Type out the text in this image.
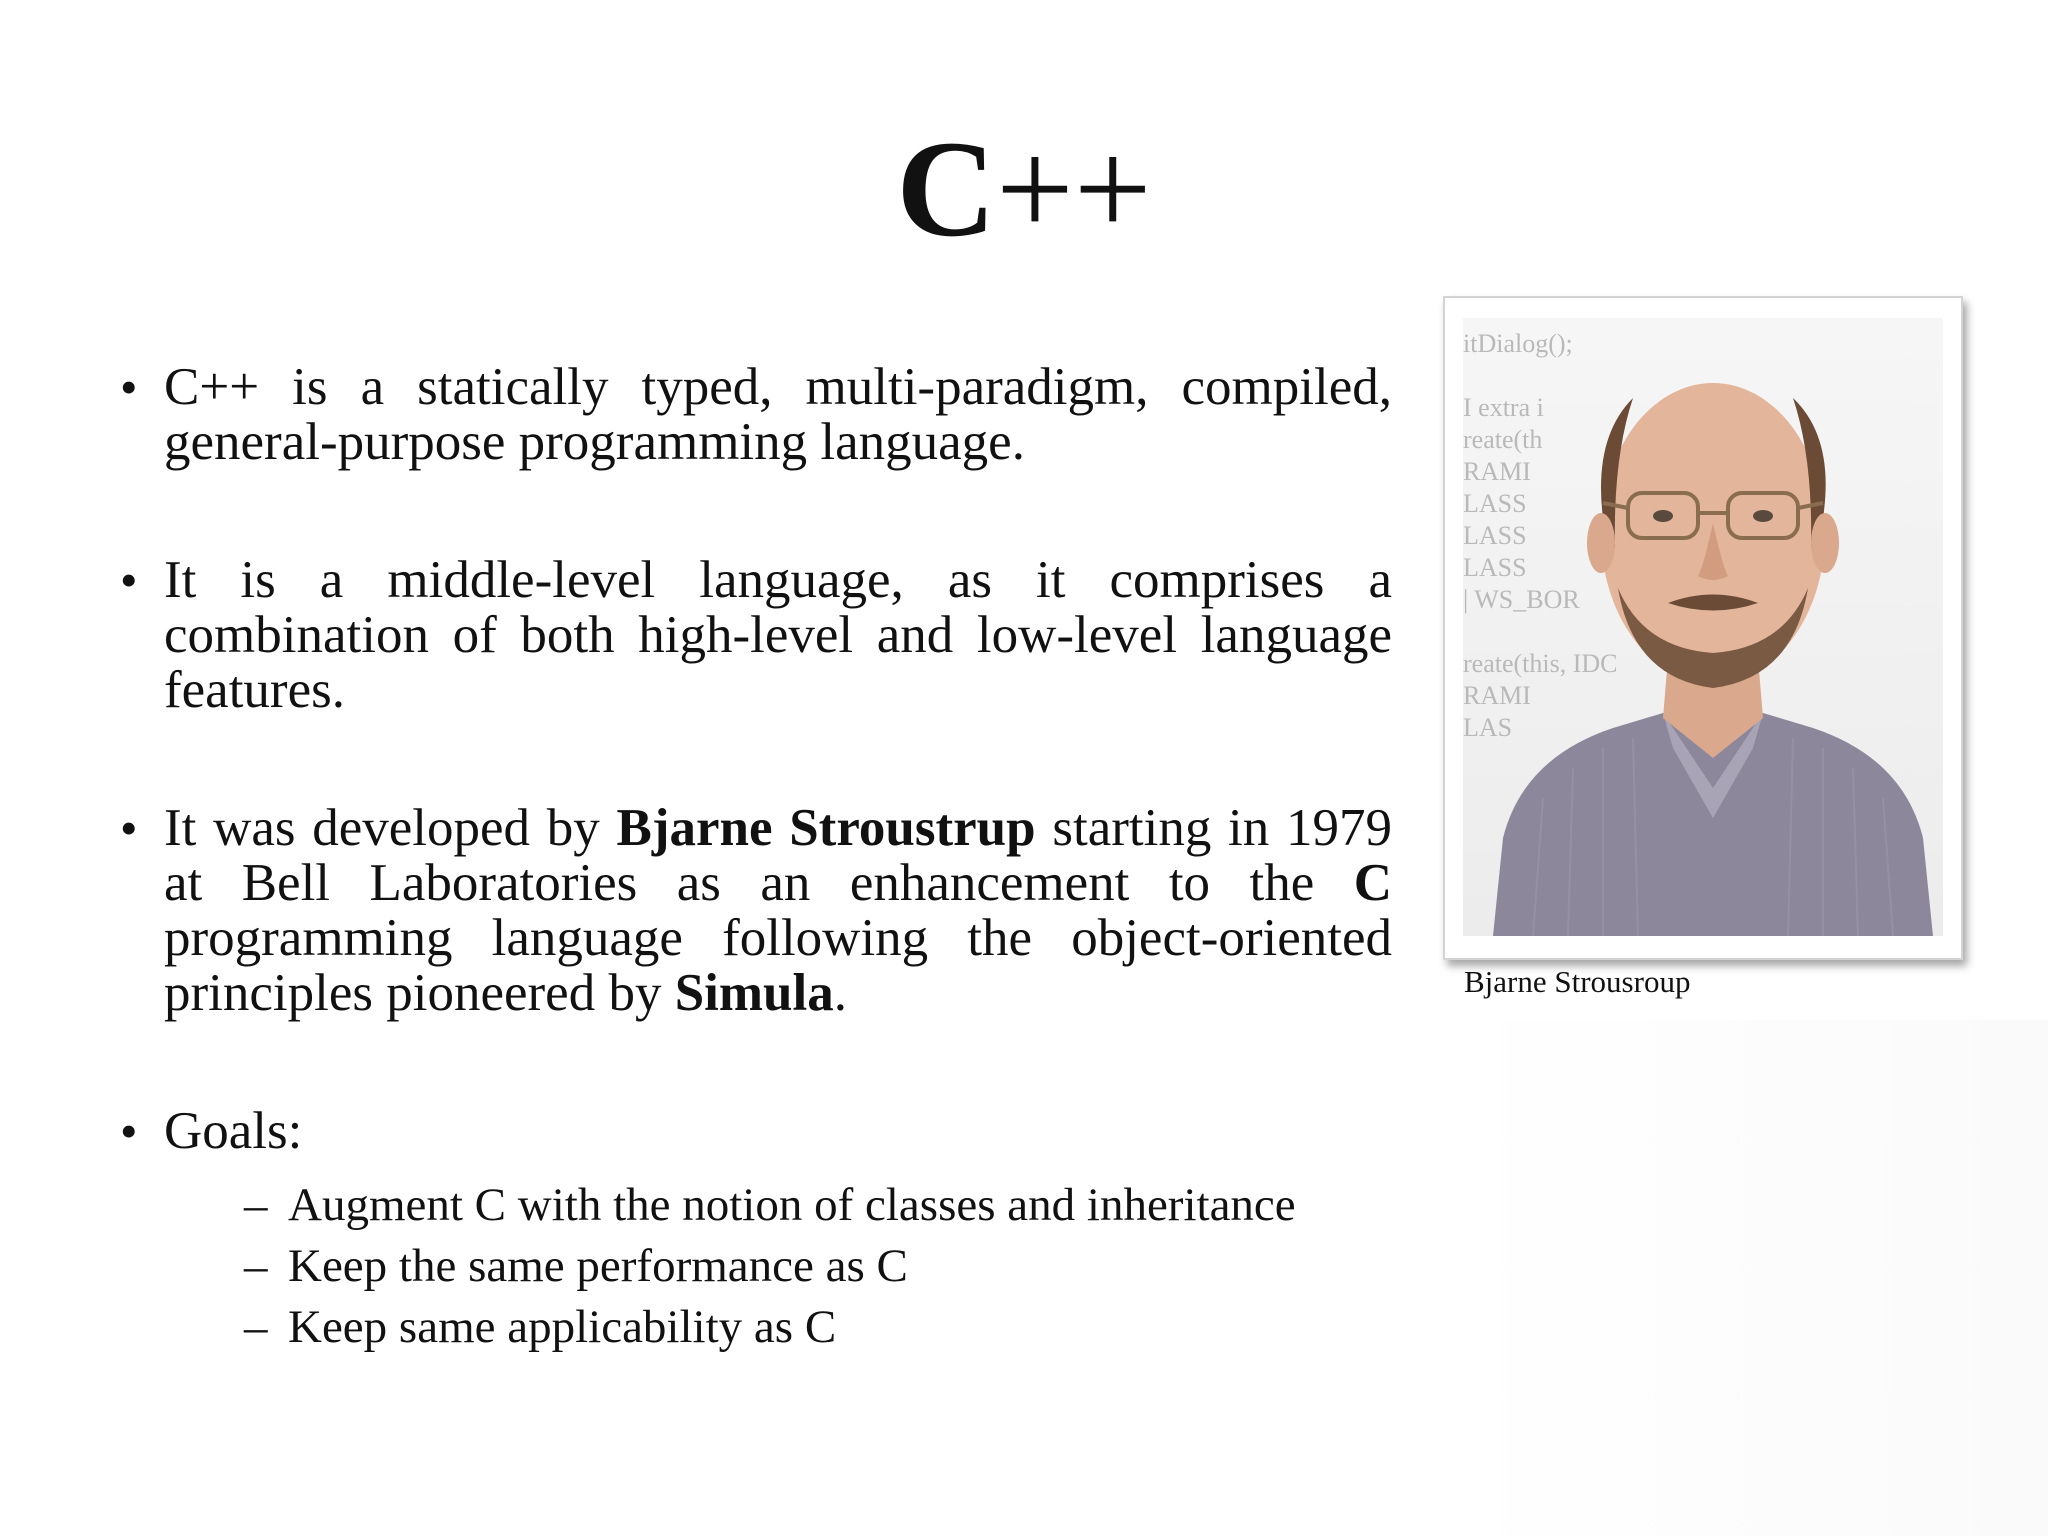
C++
• C++ is a statically typed, multi-paradigm, compiled, general-purpose programming language.
• It is a middle-level language, as it comprises a combination of both high-level and low-level language features.
• It was developed by Bjarne Stroustrup starting in 1979 at Bell Laboratories as an enhancement to the C programming language following the object-oriented principles pioneered by Simula.
• Goals:
– Augment C with the notion of classes and inheritance
– Keep the same performance as C
– Keep same applicability as C
itDialog();

I extra i
reate(th
RAMI
LASS
LASS
LASS
| WS_BOR

reate(this, IDC
RAMI
LAS
Bjarne Strousroup
